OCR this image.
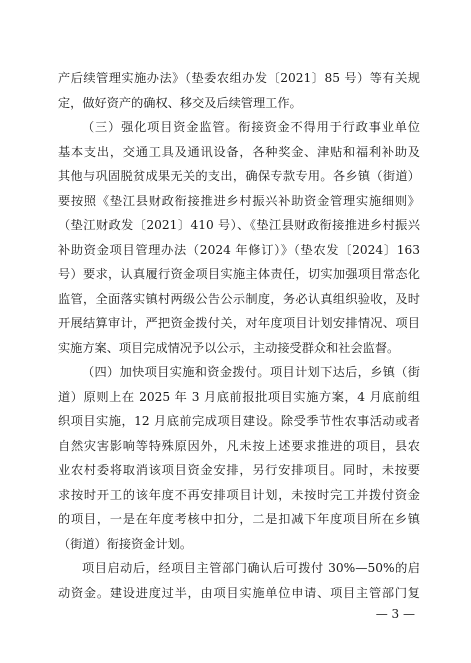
产后续管理实施办法》（垫委农组办发〔2021〕85 号）等有关规
定，做好资产的确权、移交及后续管理工作。
（三）强化项目资金监管。衔接资金不得用于行政事业单位
基本支出，交通工具及通讯设备，各种奖金、津贴和福利补助及
其他与巩固脱贫成果无关的支出，确保专款专用。各乡镇（街道）
要按照《垫江县财政衔接推进乡村振兴补助资金管理实施细则》
（垫江财政发〔2021〕410 号）、《垫江县财政衔接推进乡村振兴
补助资金项目管理办法（2024 年修订）》（垫农发〔2024〕163
号）要求，认真履行资金项目实施主体责任，切实加强项目常态化
监管，全面落实镇村两级公告公示制度，务必认真组织验收，及时
开展结算审计，严把资金拨付关，对年度项目计划安排情况、项目
实施方案、项目完成情况予以公示，主动接受群众和社会监督。
（四）加快项目实施和资金拨付。项目计划下达后，乡镇（街
道）原则上在 2025 年 3 月底前报批项目实施方案，4 月底前组
织项目实施，12 月底前完成项目建设。除受季节性农事活动或者
自然灾害影响等特殊原因外，凡未按上述要求推进的项目，县农
业农村委将取消该项目资金安排，另行安排项目。同时，未按要
求按时开工的该年度不再安排项目计划，未按时完工并拨付资金
的项目，一是在年度考核中扣分，二是扣减下年度项目所在乡镇
（街道）衔接资金计划。
项目启动后，经项目主管部门确认后可拨付 30%—50%的启
动资金。建设进度过半，由项目实施单位申请、项目主管部门复
— 3 —
